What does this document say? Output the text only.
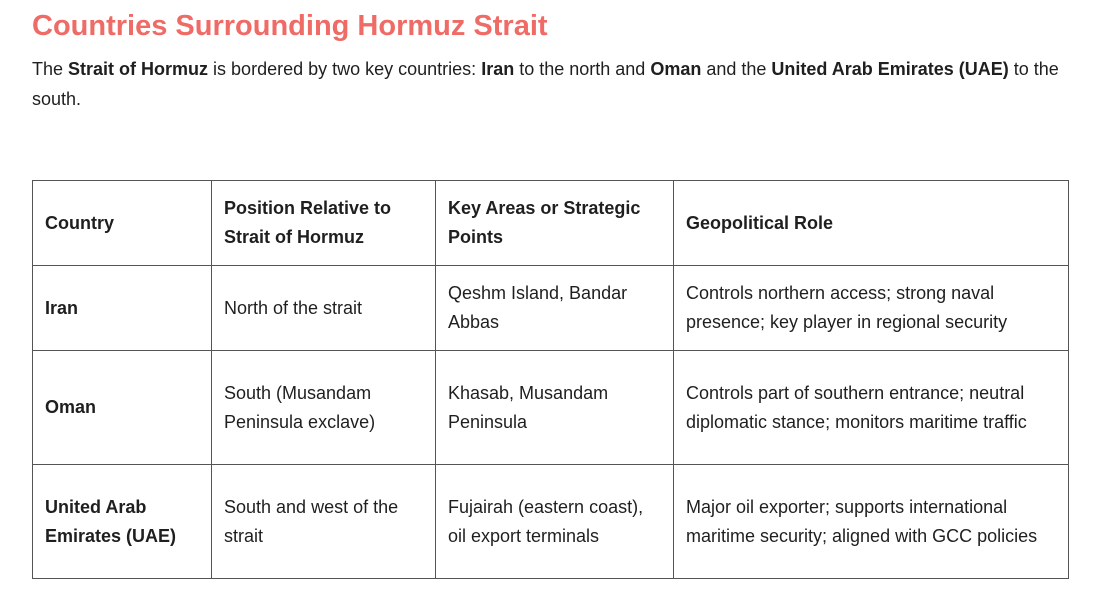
Countries Surrounding Hormuz Strait

The Strait of Hormuz is bordered by two key countries: Iran to the north and Oman and the United Arab Emirates (UAE) to the south.

Country	Position Relative to Strait of Hormuz	Key Areas or Strategic Points	Geopolitical Role
Iran	North of the strait	Qeshm Island, Bandar Abbas	Controls northern access; strong naval presence; key player in regional security
Oman	South (Musandam Peninsula exclave)	Khasab, Musandam Peninsula	Controls part of southern entrance; neutral diplomatic stance; monitors maritime traffic
United Arab Emirates (UAE)	South and west of the strait	Fujairah (eastern coast), oil export terminals	Major oil exporter; supports international maritime security; aligned with GCC policies
